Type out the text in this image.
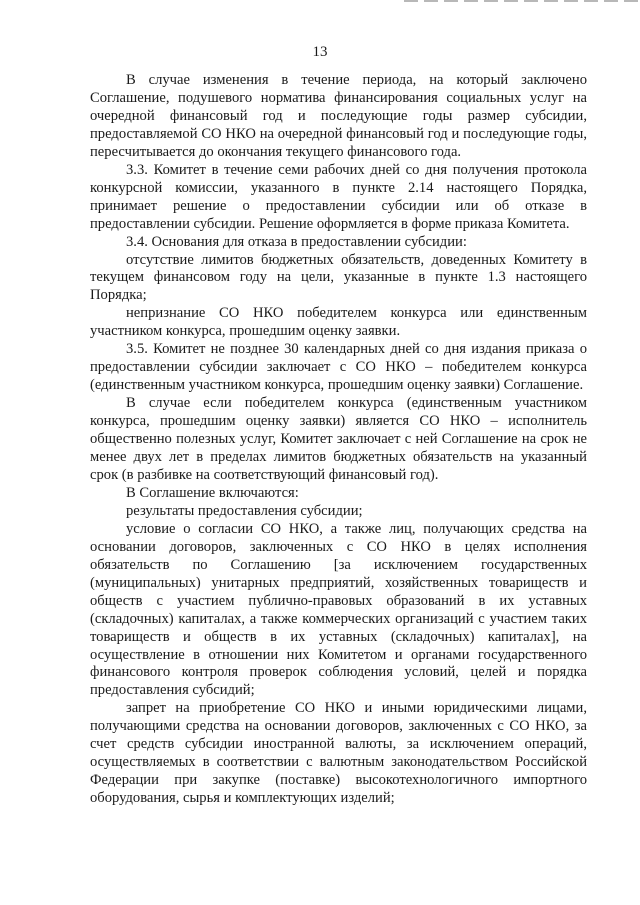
13

В случае изменения в течение периода, на который заключено Соглашение, подушевого норматива финансирования социальных услуг на очередной финансовый год и последующие годы размер субсидии, предоставляемой СО НКО на очередной финансовый год и последующие годы, пересчитывается до окончания текущего финансового года.

3.3. Комитет в течение семи рабочих дней со дня получения протокола конкурсной комиссии, указанного в пункте 2.14 настоящего Порядка, принимает решение о предоставлении субсидии или об отказе в предоставлении субсидии. Решение оформляется в форме приказа Комитета.

3.4. Основания для отказа в предоставлении субсидии:

отсутствие лимитов бюджетных обязательств, доведенных Комитету в текущем финансовом году на цели, указанные в пункте 1.3 настоящего Порядка;

непризнание СО НКО победителем конкурса или единственным участником конкурса, прошедшим оценку заявки.

3.5. Комитет не позднее 30 календарных дней со дня издания приказа о предоставлении субсидии заключает с СО НКО – победителем конкурса (единственным участником конкурса, прошедшим оценку заявки) Соглашение.

В случае если победителем конкурса (единственным участником конкурса, прошедшим оценку заявки) является СО НКО – исполнитель общественно полезных услуг, Комитет заключает с ней Соглашение на срок не менее двух лет в пределах лимитов бюджетных обязательств на указанный срок (в разбивке на соответствующий финансовый год).

В Соглашение включаются:

результаты предоставления субсидии;

условие о согласии СО НКО, а также лиц, получающих средства на основании договоров, заключенных с СО НКО в целях исполнения обязательств по Соглашению [за исключением государственных (муниципальных) унитарных предприятий, хозяйственных товариществ и обществ с участием публично-правовых образований в их уставных (складочных) капиталах, а также коммерческих организаций с участием таких товариществ и обществ в их уставных (складочных) капиталах], на осуществление в отношении них Комитетом и органами государственного финансового контроля проверок соблюдения условий, целей и порядка предоставления субсидий;

запрет на приобретение СО НКО и иными юридическими лицами, получающими средства на основании договоров, заключенных с СО НКО, за счет средств субсидии иностранной валюты, за исключением операций, осуществляемых в соответствии с валютным законодательством Российской Федерации при закупке (поставке) высокотехнологичного импортного оборудования, сырья и комплектующих изделий;
